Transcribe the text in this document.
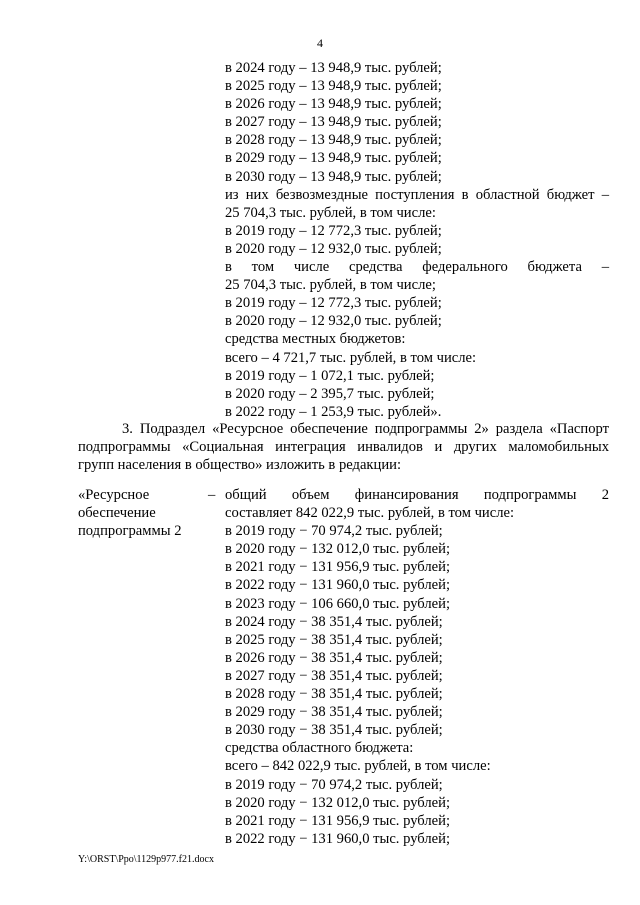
4
в 2024 году – 13 948,9 тыс. рублей;
в 2025 году – 13 948,9 тыс. рублей;
в 2026 году – 13 948,9 тыс. рублей;
в 2027 году – 13 948,9 тыс. рублей;
в 2028 году – 13 948,9 тыс. рублей;
в 2029 году – 13 948,9 тыс. рублей;
в 2030 году – 13 948,9 тыс. рублей;
из них безвозмездные поступления в областной бюджет –
25 704,3 тыс. рублей, в том числе:
в 2019 году – 12 772,3 тыс. рублей;
в 2020 году – 12 932,0 тыс. рублей;
в том числе средства федерального бюджета –
25 704,3 тыс. рублей, в том числе;
в 2019 году – 12 772,3 тыс. рублей;
в 2020 году – 12 932,0 тыс. рублей;
средства местных бюджетов:
всего – 4 721,7 тыс. рублей, в том числе:
в 2019 году – 1 072,1 тыс. рублей;
в 2020 году – 2 395,7 тыс. рублей;
в 2022 году – 1 253,9 тыс. рублей».
3. Подраздел «Ресурсное обеспечение подпрограммы 2» раздела «Паспорт
подпрограммы «Социальная интеграция инвалидов и других маломобильных
групп населения в общество» изложить в редакции:
«Ресурсное
обеспечение
подпрограммы 2
– общий объем финансирования подпрограммы 2
составляет 842 022,9 тыс. рублей, в том числе:
в 2019 году − 70 974,2 тыс. рублей;
в 2020 году − 132 012,0 тыс. рублей;
в 2021 году − 131 956,9 тыс. рублей;
в 2022 году − 131 960,0 тыс. рублей;
в 2023 году − 106 660,0 тыс. рублей;
в 2024 году − 38 351,4 тыс. рублей;
в 2025 году − 38 351,4 тыс. рублей;
в 2026 году − 38 351,4 тыс. рублей;
в 2027 году − 38 351,4 тыс. рублей;
в 2028 году − 38 351,4 тыс. рублей;
в 2029 году − 38 351,4 тыс. рублей;
в 2030 году − 38 351,4 тыс. рублей;
средства областного бюджета:
всего – 842 022,9 тыс. рублей, в том числе:
в 2019 году − 70 974,2 тыс. рублей;
в 2020 году − 132 012,0 тыс. рублей;
в 2021 году − 131 956,9 тыс. рублей;
в 2022 году − 131 960,0 тыс. рублей;
Y:\ORST\Ppo\1129p977.f21.docx
